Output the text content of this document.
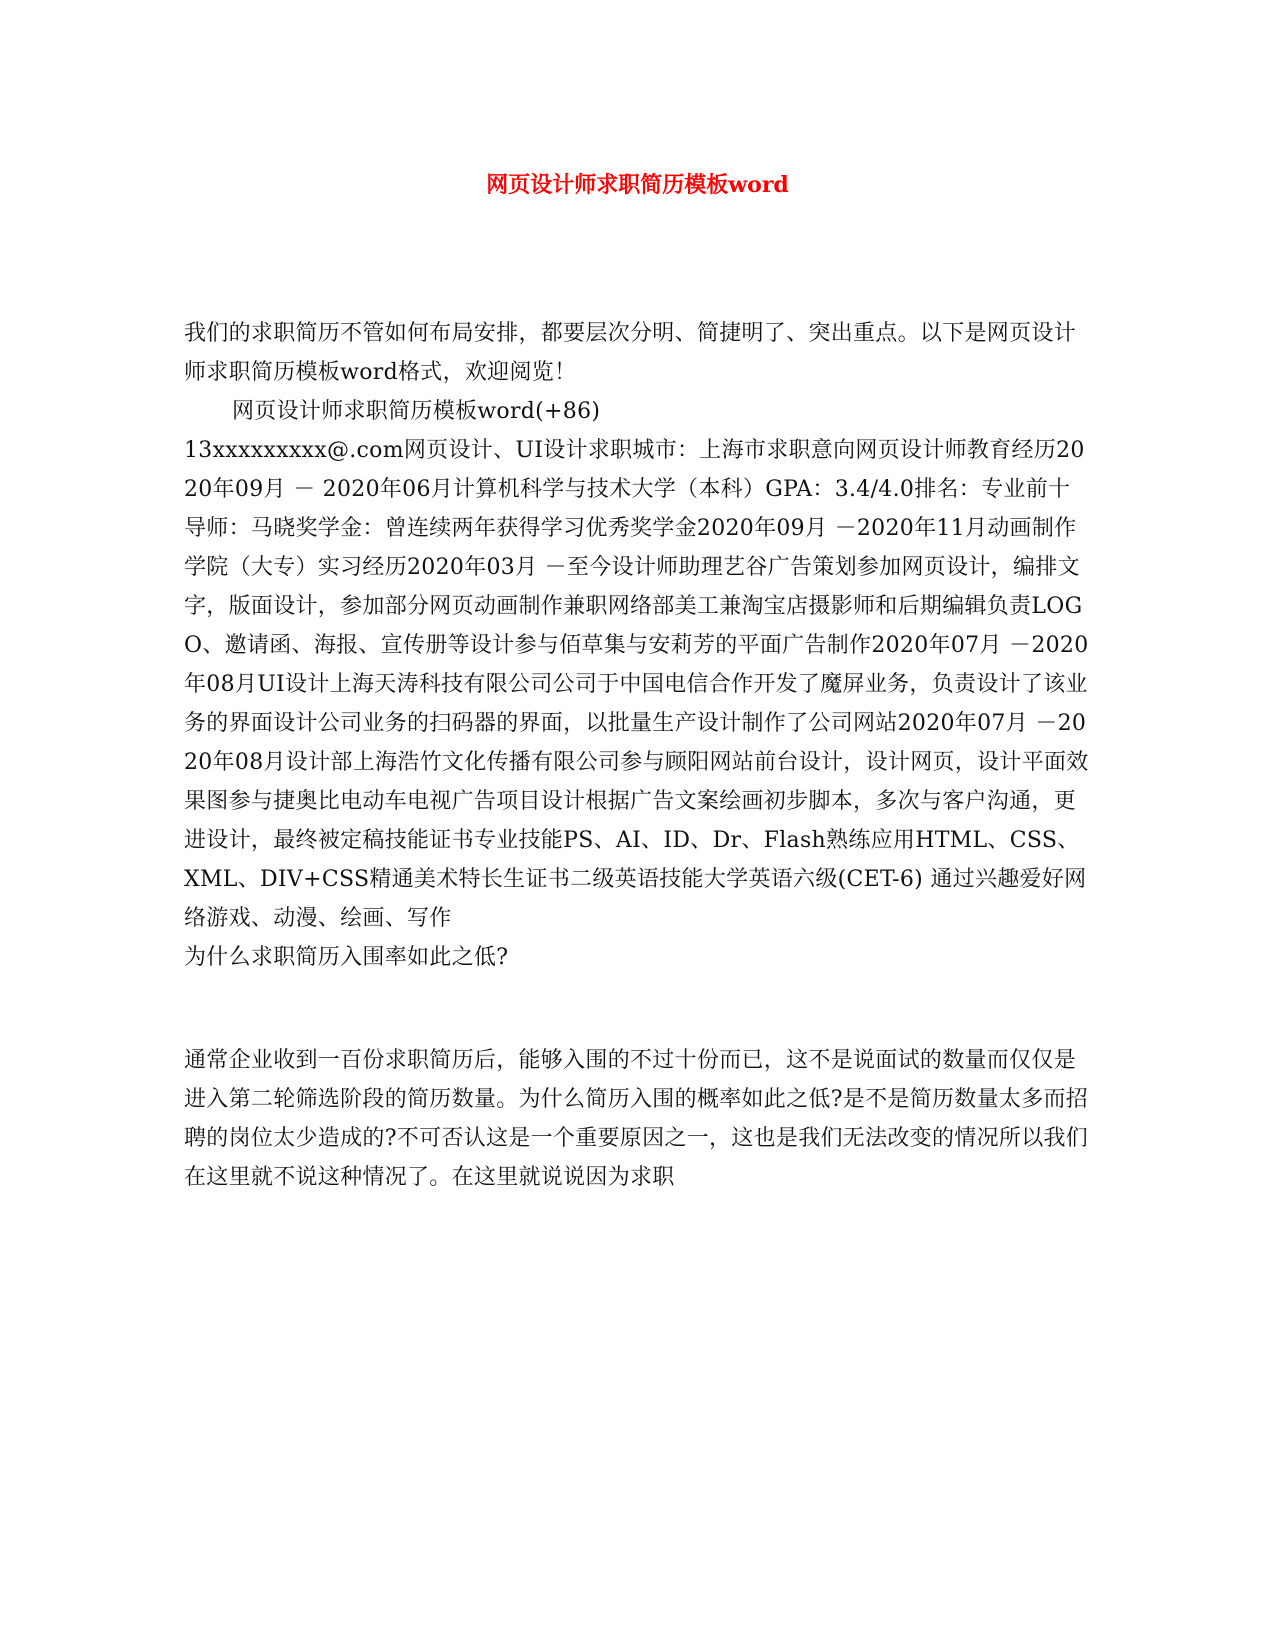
网页设计师求职简历模板word

我们的求职简历不管如何布局安排，都要层次分明、简捷明了、突出重点。以下是网页设计师求职简历模板word格式，欢迎阅览！

网页设计师求职简历模板word(+86)

13xxxxxxxxx@.com网页设计、UI设计求职城市：上海市求职意向网页设计师教育经历2020年09月 － 2020年06月计算机科学与技术大学（本科）GPA：3.4/4.0排名：专业前十导师：马晓奖学金：曾连续两年获得学习优秀奖学金2020年09月 －2020年11月动画制作学院（大专）实习经历2020年03月 －至今设计师助理艺谷广告策划参加网页设计，编排文字，版面设计，参加部分网页动画制作兼职网络部美工兼淘宝店摄影师和后期编辑负责LOGO、邀请函、海报、宣传册等设计参与佰草集与安莉芳的平面广告制作2020年07月 －2020年08月UI设计上海天涛科技有限公司公司于中国电信合作开发了魔屏业务，负责设计了该业务的界面设计公司业务的扫码器的界面，以批量生产设计制作了公司网站2020年07月 －2020年08月设计部上海浩竹文化传播有限公司参与顾阳网站前台设计，设计网页，设计平面效果图参与捷奥比电动车电视广告项目设计根据广告文案绘画初步脚本，多次与客户沟通，更进设计，最终被定稿技能证书专业技能PS、AI、ID、Dr、Flash熟练应用HTML、CSS、XML、DIV+CSS精通美术特长生证书二级英语技能大学英语六级(CET-6) 通过兴趣爱好网络游戏、动漫、绘画、写作

为什么求职简历入围率如此之低?

通常企业收到一百份求职简历后，能够入围的不过十份而已，这不是说面试的数量而仅仅是进入第二轮筛选阶段的简历数量。为什么简历入围的概率如此之低?是不是简历数量太多而招聘的岗位太少造成的?不可否认这是一个重要原因之一，这也是我们无法改变的情况所以我们在这里就不说这种情况了。在这里就说说因为求职
